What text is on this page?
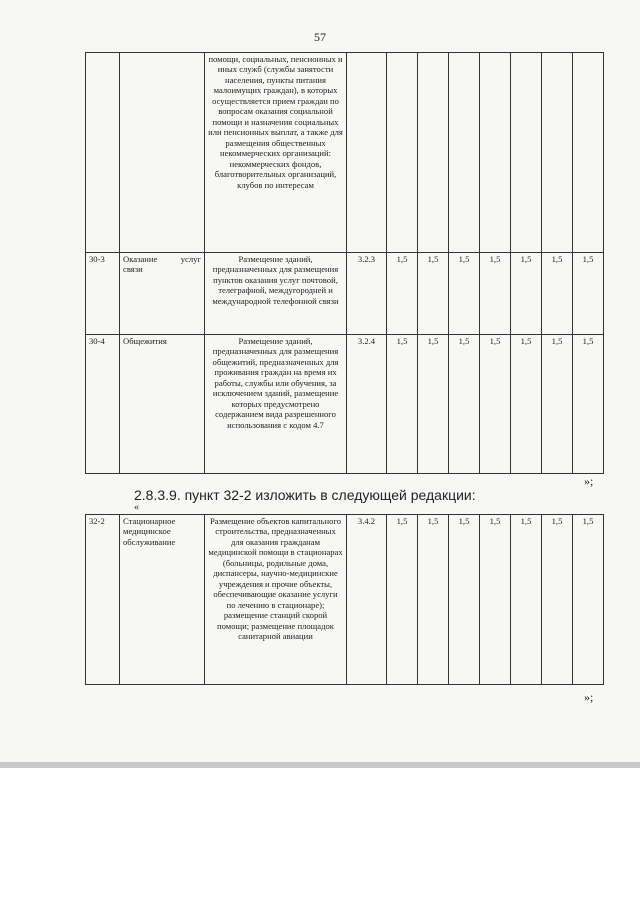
57
		помощи, социальных, пенсионных и иных служб (службы занятости населения, пункты питания малоимущих граждан), в которых осуществляется прием граждан по вопросам оказания социальной помощи и назначения социальных или пенсионных выплат, а также для размещения общественных некоммерческих организаций: некоммерческих фондов, благотворительных организаций, клубов по интересам								
30-3	Оказание услуг связи	Размещение зданий, предназначенных для размещения пунктов оказания услуг почтовой, телеграфной, междугородней и международной телефонной связи	3.2.3	1,5	1,5	1,5	1,5	1,5	1,5	1,5
30-4	Общежития	Размещение зданий, предназначенных для размещения общежитий, предназначенных для проживания граждан на время их работы, службы или обучения, за исключением зданий, размещение которых предусмотрено содержанием вида разрешенного использования с кодом 4.7	3.2.4	1,5	1,5	1,5	1,5	1,5	1,5	1,5
»;
2.8.3.9. пункт 32-2 изложить в следующей редакции:
«
32-2	Стационарное медицинское обслуживание	Размещение объектов капитального строительства, предназначенных для оказания гражданам медицинской помощи в стационарах (больницы, родильные дома, диспансеры, научно-медицинские учреждения и прочие объекты, обеспечивающие оказание услуги по лечению в стационаре); размещение станций скорой помощи; размещение площадок санитарной авиации	3.4.2	1,5	1,5	1,5	1,5	1,5	1,5	1,5
»;
